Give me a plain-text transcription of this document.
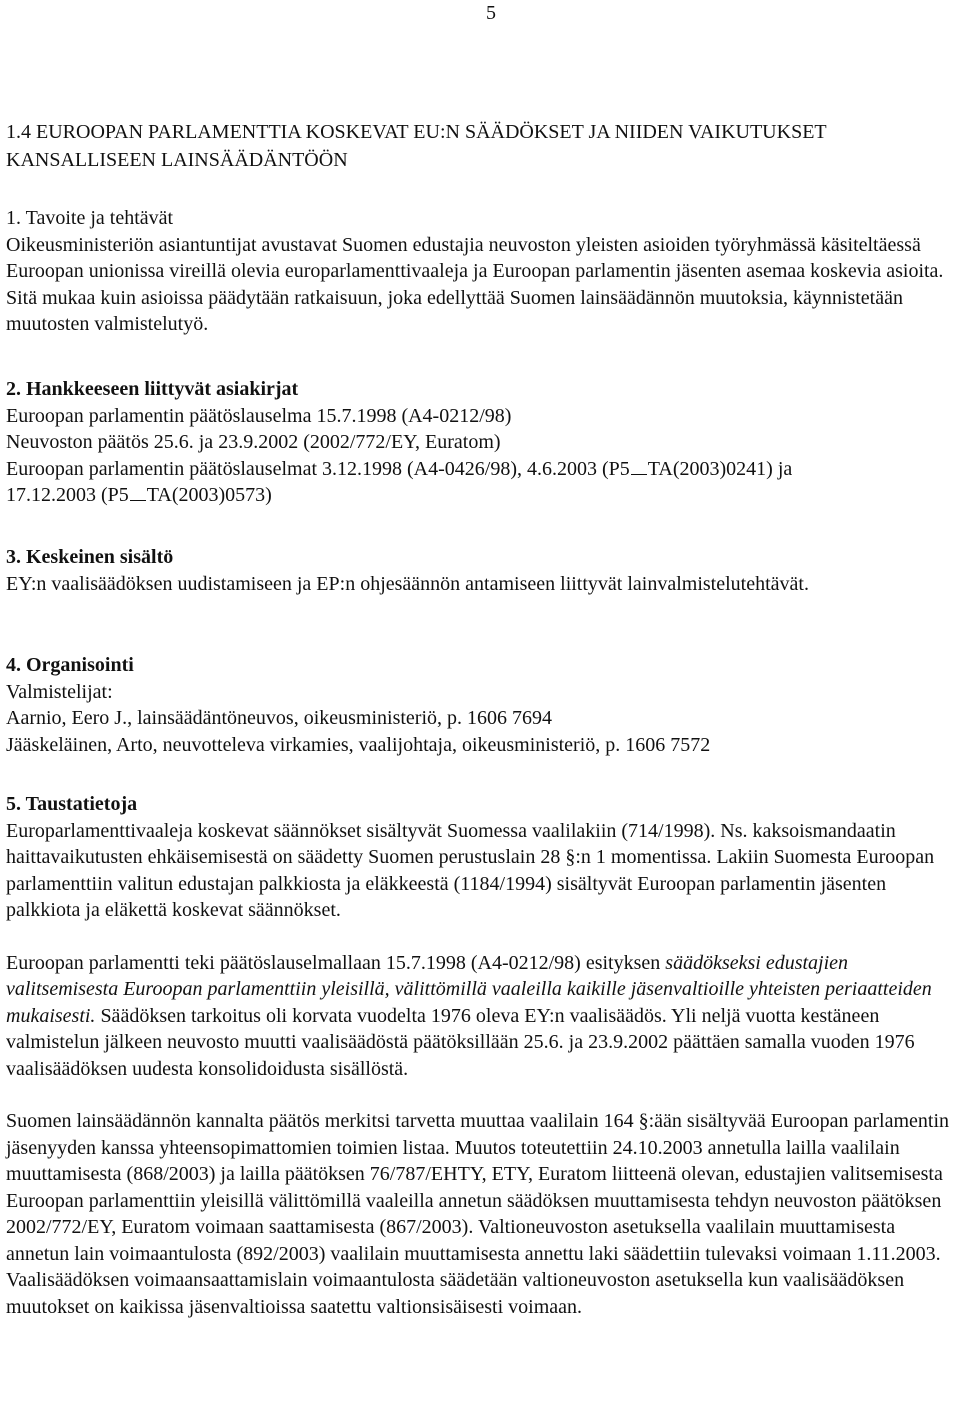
5
1.4 EUROOPAN PARLAMENTTIA KOSKEVAT EU:N SÄÄDÖKSET JA NIIDEN VAIKUTUKSET KANSALLISEEN LAINSÄÄDÄNTÖÖN
1. Tavoite ja tehtävät

Oikeusministeriön asiantuntijat avustavat Suomen edustajia neuvoston yleisten asioiden työryhmässä käsiteltäessä Euroopan unionissa vireillä olevia europarlamenttivaaleja ja Euroopan parlamentin jäsenten asemaa koskevia asioita. Sitä mukaa kuin asioissa päädytään ratkaisuun, joka edellyttää Suomen lainsäädännön muutoksia, käynnistetään muutosten valmistelutyö.

2. Hankkeeseen liittyvät asiakirjat
Euroopan parlamentin päätöslauselma 15.7.1998 (A4-0212/98)
Neuvoston päätös 25.6. ja 23.9.2002 (2002/772/EY, Euratom)
Euroopan parlamentin päätöslauselmat 3.12.1998 (A4-0426/98), 4.6.2003 (P5 TA(2003)0241) ja
17.12.2003 (P5 TA(2003)0573)
3. Keskeinen sisältö

EY:n vaalisäädöksen uudistamiseen ja EP:n ohjesäännön antamiseen liittyvät lainvalmistelutehtävät.

4. Organisointi
Valmistelijat:
Aarnio, Eero J., lainsäädäntöneuvos, oikeusministeriö, p. 1606 7694
Jääskeläinen, Arto, neuvotteleva virkamies, vaalijohtaja, oikeusministeriö, p. 1606 7572
5. Taustatietoja

Europarlamenttivaaleja koskevat säännökset sisältyvät Suomessa vaalilakiin (714/1998). Ns. kaksoismandaatin haittavaikutusten ehkäisemisestä on säädetty Suomen perustuslain 28 §:n 1 momentissa. Lakiin Suomesta Euroopan parlamenttiin valitun edustajan palkkiosta ja eläkkeestä (1184/1994) sisältyvät Euroopan parlamentin jäsenten palkkiota ja eläkettä koskevat säännökset.

Euroopan parlamentti teki päätöslauselmallaan 15.7.1998 (A4-0212/98) esityksen säädökseksi edustajien valitsemisesta Euroopan parlamenttiin yleisillä, välittömillä vaaleilla kaikille jäsenvaltioille yhteisten periaatteiden mukaisesti. Säädöksen tarkoitus oli korvata vuodelta 1976 oleva EY:n vaalisäädös. Yli neljä vuotta kestäneen valmistelun jälkeen neuvosto muutti vaalisäädöstä päätöksillään 25.6. ja 23.9.2002 päättäen samalla vuoden 1976 vaalisäädöksen uudesta konsolidoidusta sisällöstä.

Suomen lainsäädännön kannalta päätös merkitsi tarvetta muuttaa vaalilain 164 §:ään sisältyvää Euroopan parlamentin jäsenyyden kanssa yhteensopimattomien toimien listaa. Muutos toteutettiin 24.10.2003 annetulla lailla vaalilain muuttamisesta (868/2003) ja lailla päätöksen 76/787/EHTY, ETY, Euratom liitteenä olevan, edustajien valitsemisesta Euroopan parlamenttiin yleisillä välittömillä vaaleilla annetun säädöksen muuttamisesta tehdyn neuvoston päätöksen 2002/772/EY, Euratom voimaan saattamisesta (867/2003). Valtioneuvoston asetuksella vaalilain muuttamisesta annetun lain voimaantulosta (892/2003) vaalilain muuttamisesta annettu laki säädettiin tulevaksi voimaan 1.11.2003. Vaalisäädöksen voimaansaattamislain voimaantulosta säädetään valtioneuvoston asetuksella kun vaalisäädöksen muutokset on kaikissa jäsenvaltioissa saatettu valtionsisäisesti voimaan.
